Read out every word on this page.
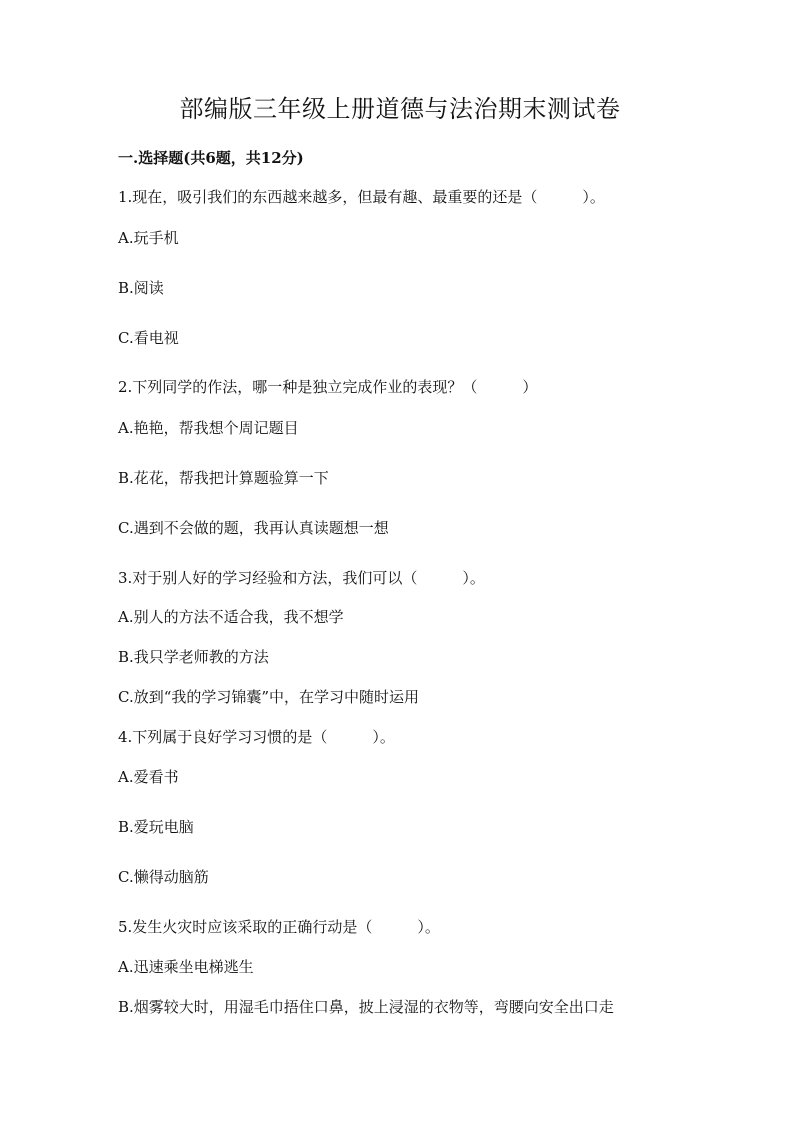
部编版三年级上册道德与法治期末测试卷
一.选择题(共6题，共12分)
1.现在，吸引我们的东西越来越多，但最有趣、最重要的还是（　　　）。
A.玩手机
B.阅读
C.看电视
2.下列同学的作法，哪一种是独立完成作业的表现？（　　　）
A.艳艳，帮我想个周记题目
B.花花，帮我把计算题验算一下
C.遇到不会做的题，我再认真读题想一想
3.对于别人好的学习经验和方法，我们可以（　　　）。
A.别人的方法不适合我，我不想学
B.我只学老师教的方法
C.放到“我的学习锦囊”中，在学习中随时运用
4.下列属于良好学习习惯的是（　　　）。
A.爱看书
B.爱玩电脑
C.懒得动脑筋
5.发生火灾时应该采取的正确行动是（　　　）。
A.迅速乘坐电梯逃生
B.烟雾较大时，用湿毛巾捂住口鼻，披上浸湿的衣物等，弯腰向安全出口走
